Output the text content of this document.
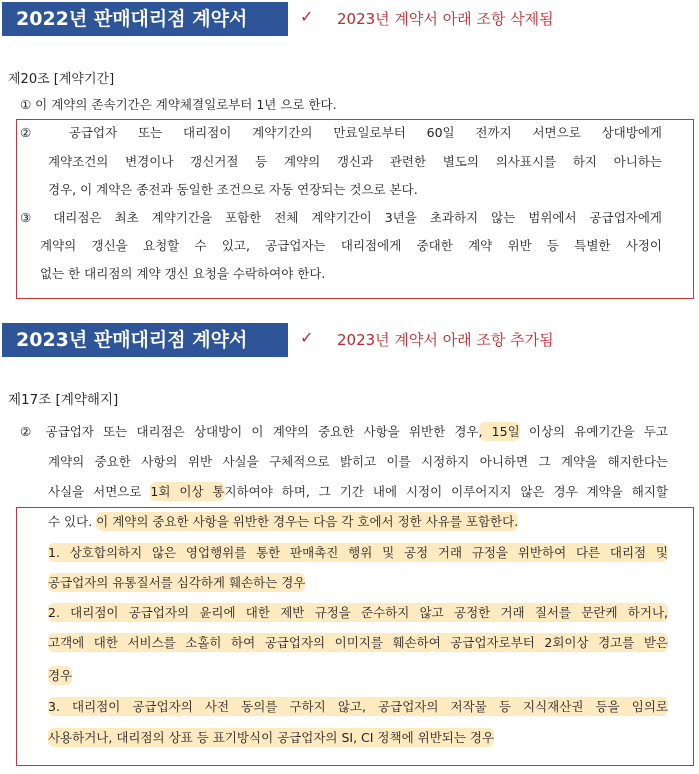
2022년 판매대리점 계약서	✓ 2023년 계약서 아래 조항 삭제됨
제20조 [계약기간]
① 이 계약의 존속기간은 계약체결일로부터 1년 으로 한다.
② 공급업자 또는 대리점이 계약기간의 만료일로부터 60일 전까지 서면으로 상대방에게
계약조건의 변경이나 갱신거절 등 계약의 갱신과 관련한 별도의 의사표시를 하지 아니하는
경우, 이 계약은 종전과 동일한 조건으로 자동 연장되는 것으로 본다.
③ 대리점은 최초 계약기간을 포함한 전체 계약기간이 3년을 초과하지 않는 범위에서 공급업자에게
계약의 갱신을 요청할 수 있고, 공급업자는 대리점에게 중대한 계약 위반 등 특별한 사정이
없는 한 대리점의 계약 갱신 요청을 수락하여야 한다.
2023년 판매대리점 계약서	✓ 2023년 계약서 아래 조항 추가됨
제17조 [계약해지]
② 공급업자 또는 대리점은 상대방이 이 계약의 중요한 사항을 위반한 경우, 15일 이상의 유예기간을 두고
계약의 중요한 사항의 위반 사실을 구체적으로 밝히고 이를 시정하지 아니하면 그 계약을 해지한다는
사실을 서면으로 1회 이상 통지하여야 하며, 그 기간 내에 시정이 이루어지지 않은 경우 계약을 해지할
수 있다. 이 계약의 중요한 사항을 위반한 경우는 다음 각 호에서 정한 사유를 포함한다.
1. 상호합의하지 않은 영업행위를 통한 판매촉진 행위 및 공정 거래 규정을 위반하여 다른 대리점 및
공급업자의 유통질서를 심각하게 훼손하는 경우
2. 대리점이 공급업자의 윤리에 대한 제반 규정을 준수하지 않고 공정한 거래 질서를 문란케 하거나,
고객에 대한 서비스를 소홀히 하여 공급업자의 이미지를 훼손하여 공급업자로부터 2회이상 경고를 받은
경우
3. 대리점이 공급업자의 사전 동의를 구하지 않고, 공급업자의 저작물 등 지식재산권 등을 임의로
사용하거나, 대리점의 상표 등 표기방식이 공급업자의 SI, CI 정책에 위반되는 경우
